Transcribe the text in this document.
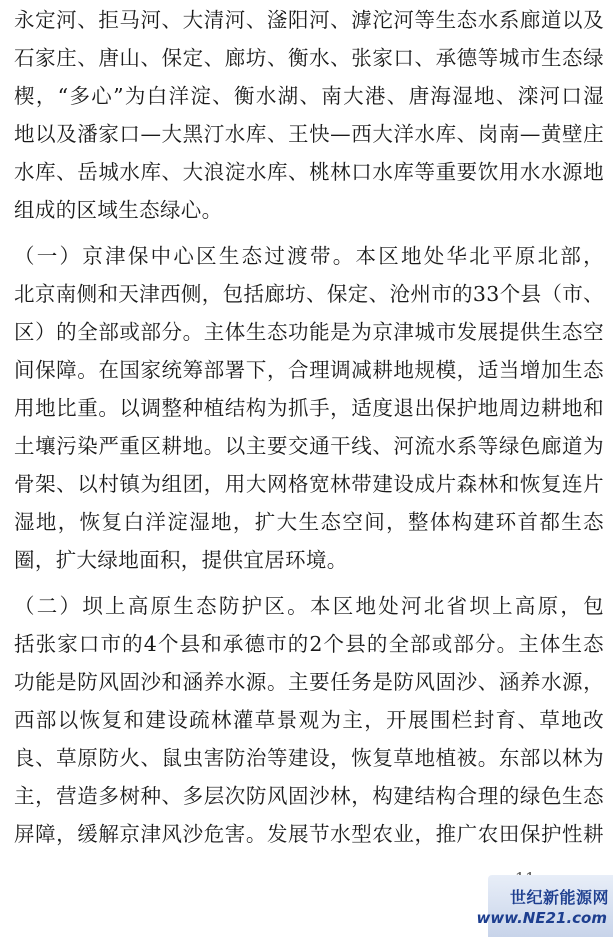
永定河、拒马河、大清河、滏阳河、滹沱河等生态水系廊道以及
石家庄、唐山、保定、廊坊、衡水、张家口、承德等城市生态绿
楔，“多心”为白洋淀、衡水湖、南大港、唐海湿地、滦河口湿
地以及潘家口—大黑汀水库、王快—西大洋水库、岗南—黄壁庄
水库、岳城水库、大浪淀水库、桃林口水库等重要饮用水水源地
组成的区域生态绿心。
（一）京津保中心区生态过渡带。本区地处华北平原北部，
北京南侧和天津西侧，包括廊坊、保定、沧州市的33个县（市、
区）的全部或部分。主体生态功能是为京津城市发展提供生态空
间保障。在国家统筹部署下，合理调减耕地规模，适当增加生态
用地比重。以调整种植结构为抓手，适度退出保护地周边耕地和
土壤污染严重区耕地。以主要交通干线、河流水系等绿色廊道为
骨架、以村镇为组团，用大网格宽林带建设成片森林和恢复连片
湿地，恢复白洋淀湿地，扩大生态空间，整体构建环首都生态
圈，扩大绿地面积，提供宜居环境。
（二）坝上高原生态防护区。本区地处河北省坝上高原，包
括张家口市的4个县和承德市的2个县的全部或部分。主体生态
功能是防风固沙和涵养水源。主要任务是防风固沙、涵养水源，
西部以恢复和建设疏林灌草景观为主，开展围栏封育、草地改
良、草原防火、鼠虫害防治等建设，恢复草地植被。东部以林为
主，营造多树种、多层次防风固沙林，构建结构合理的绿色生态
屏障，缓解京津风沙危害。发展节水型农业，推广农田保护性耕
世纪新能源网
www.NE21.com
